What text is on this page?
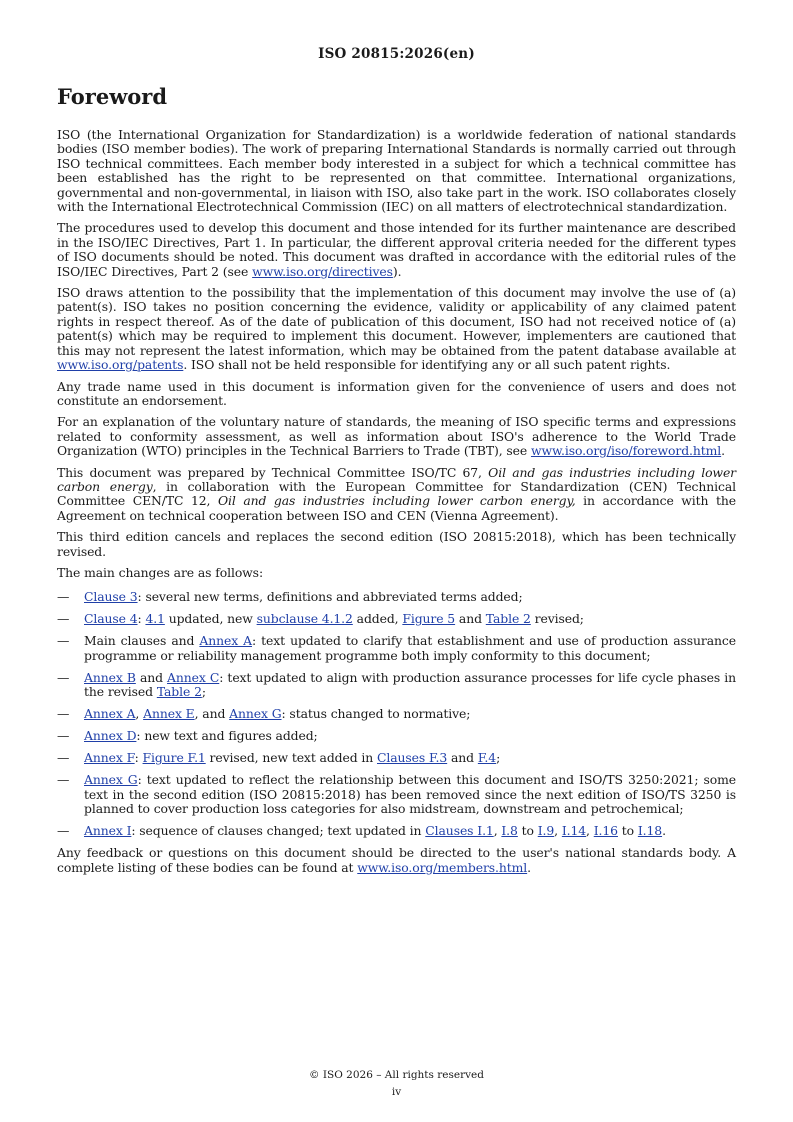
ISO 20815:2026(en)
Foreword

ISO (the International Organization for Standardization) is a worldwide federation of national standards bodies (ISO member bodies). The work of preparing International Standards is normally carried out through ISO technical committees. Each member body interested in a subject for which a technical committee has been established has the right to be represented on that committee. International organizations, governmental and non-governmental, in liaison with ISO, also take part in the work. ISO collaborates closely with the International Electrotechnical Commission (IEC) on all matters of electrotechnical standardization.

The procedures used to develop this document and those intended for its further maintenance are described in the ISO/IEC Directives, Part 1. In particular, the different approval criteria needed for the different types of ISO documents should be noted. This document was drafted in accordance with the editorial rules of the ISO/IEC Directives, Part 2 (see www.iso.org/directives).

ISO draws attention to the possibility that the implementation of this document may involve the use of (a) patent(s). ISO takes no position concerning the evidence, validity or applicability of any claimed patent rights in respect thereof. As of the date of publication of this document, ISO had not received notice of (a) patent(s) which may be required to implement this document. However, implementers are cautioned that this may not represent the latest information, which may be obtained from the patent database available at www.iso.org/patents. ISO shall not be held responsible for identifying any or all such patent rights.

Any trade name used in this document is information given for the convenience of users and does not constitute an endorsement.

For an explanation of the voluntary nature of standards, the meaning of ISO specific terms and expressions related to conformity assessment, as well as information about ISO's adherence to the World Trade Organization (WTO) principles in the Technical Barriers to Trade (TBT), see www.iso.org/iso/foreword.html.

This document was prepared by Technical Committee ISO/TC 67, Oil and gas industries including lower carbon energy, in collaboration with the European Committee for Standardization (CEN) Technical Committee CEN/TC 12, Oil and gas industries including lower carbon energy, in accordance with the Agreement on technical cooperation between ISO and CEN (Vienna Agreement).

This third edition cancels and replaces the second edition (ISO 20815:2018), which has been technically revised.

The main changes are as follows:

— Clause 3: several new terms, definitions and abbreviated terms added;
— Clause 4: 4.1 updated, new subclause 4.1.2 added, Figure 5 and Table 2 revised;
— Main clauses and Annex A: text updated to clarify that establishment and use of production assurance programme or reliability management programme both imply conformity to this document;
— Annex B and Annex C: text updated to align with production assurance processes for life cycle phases in the revised Table 2;
— Annex A, Annex E, and Annex G: status changed to normative;
— Annex D: new text and figures added;
— Annex F: Figure F.1 revised, new text added in Clauses F.3 and F.4;
— Annex G: text updated to reflect the relationship between this document and ISO/TS 3250:2021; some text in the second edition (ISO 20815:2018) has been removed since the next edition of ISO/TS 3250 is planned to cover production loss categories for also midstream, downstream and petrochemical;
— Annex I: sequence of clauses changed; text updated in Clauses I.1, I.8 to I.9, I.14, I.16 to I.18.

Any feedback or questions on this document should be directed to the user's national standards body. A complete listing of these bodies can be found at www.iso.org/members.html.

© ISO 2026 – All rights reserved
iv
